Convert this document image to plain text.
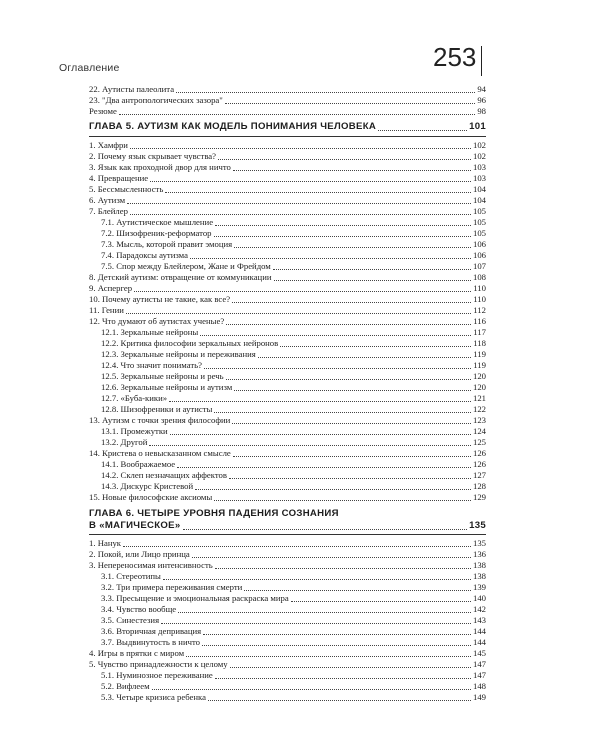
Оглавление	253
22. Аутисты палеолита	94
23. "Два антропологических зазора"	96
Резюме	98
ГЛАВА 5. АУТИЗМ КАК МОДЕЛЬ ПОНИМАНИЯ ЧЕЛОВЕКА	101
1. Хамфри	102
2. Почему язык скрывает чувства?	102
3. Язык как проходной двор для ничто	103
4. Превращение	103
5. Бессмысленность	104
6. Аутизм	104
7. Блейлер	105
7.1. Аутистическое мышление	105
7.2. Шизофреник-реформатор	105
7.3. Мысль, которой правит эмоция	106
7.4. Парадоксы аутизма	106
7.5. Спор между Блейлером, Жане и Фрейдом	107
8. Детский аутизм: отвращение от коммуникации	108
9. Аспергер	110
10. Почему аутисты не такие, как все?	110
11. Гении	112
12. Что думают об аутистах ученые?	116
12.1. Зеркальные нейроны	117
12.2. Критика философии зеркальных нейронов	118
12.3. Зеркальные нейроны и переживания	119
12.4. Что значит понимать?	119
12.5. Зеркальные нейроны и речь	120
12.6. Зеркальные нейроны и аутизм	120
12.7. «Буба-кики»	121
12.8. Шизофреники и аутисты	122
13. Аутизм с точки зрения философии	123
13.1. Промежутки	124
13.2. Другой	125
14. Кристева о невысказанном смысле	126
14.1. Воображаемое	126
14.2. Склеп незначащих аффектов	127
14.3. Дискурс Кристевой	128
15. Новые философские аксиомы	129
ГЛАВА 6. ЧЕТЫРЕ УРОВНЯ ПАДЕНИЯ СОЗНАНИЯ
В «МАГИЧЕСКОЕ»	135
1. Нанук	135
2. Покой, или Лицо принца	136
3. Непереносимая интенсивность	138
3.1. Стереотипы	138
3.2. Три примера переживания смерти	139
3.3. Пресыщение и эмоциональная раскраска мира	140
3.4. Чувство вообще	142
3.5. Синестезия	143
3.6. Вторичная депривация	144
3.7. Выдвинутость в ничто	144
4. Игры в прятки с миром	145
5. Чувство принадлежности к целому	147
5.1. Нуминозное переживание	147
5.2. Вифлеем	148
5.3. Четыре кризиса ребенка	149
